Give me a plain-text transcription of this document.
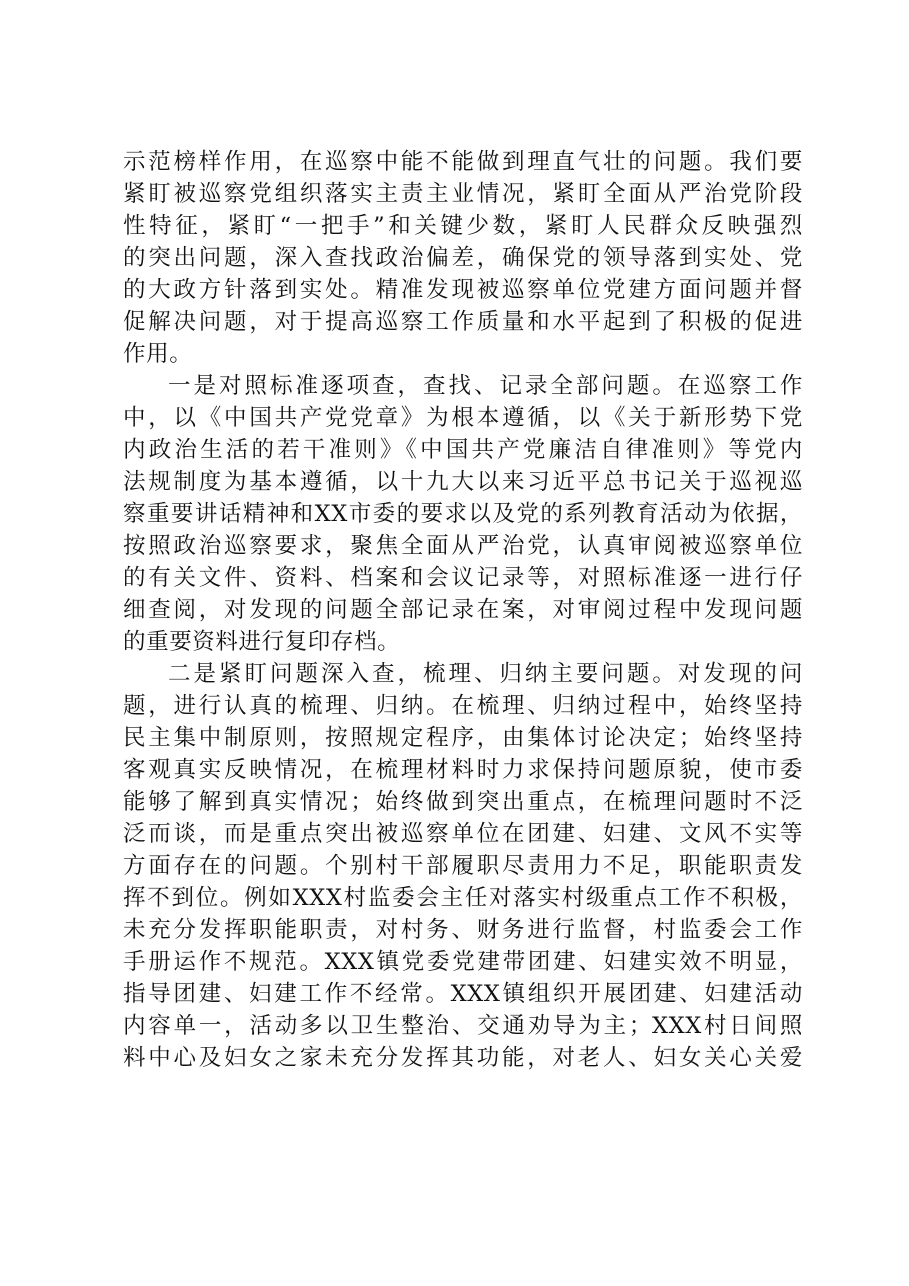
示范榜样作用，在巡察中能不能做到理直气壮的问题。我们要
紧盯被巡察党组织落实主责主业情况，紧盯全面从严治党阶段
性特征，紧盯“一把手”和关键少数，紧盯人民群众反映强烈
的突出问题，深入查找政治偏差，确保党的领导落到实处、党
的大政方针落到实处。精准发现被巡察单位党建方面问题并督
促解决问题，对于提高巡察工作质量和水平起到了积极的促进
作用。
一是对照标准逐项查，查找、记录全部问题。在巡察工作
中，以《中国共产党党章》为根本遵循，以《关于新形势下党
内政治生活的若干准则》《中国共产党廉洁自律准则》等党内
法规制度为基本遵循，以十九大以来习近平总书记关于巡视巡
察重要讲话精神和XX市委的要求以及党的系列教育活动为依据，
按照政治巡察要求，聚焦全面从严治党，认真审阅被巡察单位
的有关文件、资料、档案和会议记录等，对照标准逐一进行仔
细查阅，对发现的问题全部记录在案，对审阅过程中发现问题
的重要资料进行复印存档。
二是紧盯问题深入查，梳理、归纳主要问题。对发现的问
题，进行认真的梳理、归纳。在梳理、归纳过程中，始终坚持
民主集中制原则，按照规定程序，由集体讨论决定；始终坚持
客观真实反映情况，在梳理材料时力求保持问题原貌，使市委
能够了解到真实情况；始终做到突出重点，在梳理问题时不泛
泛而谈，而是重点突出被巡察单位在团建、妇建、文风不实等
方面存在的问题。个别村干部履职尽责用力不足，职能职责发
挥不到位。例如XXX村监委会主任对落实村级重点工作不积极，
未充分发挥职能职责，对村务、财务进行监督，村监委会工作
手册运作不规范。XXX镇党委党建带团建、妇建实效不明显，
指导团建、妇建工作不经常。XXX镇组织开展团建、妇建活动
内容单一，活动多以卫生整治、交通劝导为主；XXX村日间照
料中心及妇女之家未充分发挥其功能，对老人、妇女关心关爱
